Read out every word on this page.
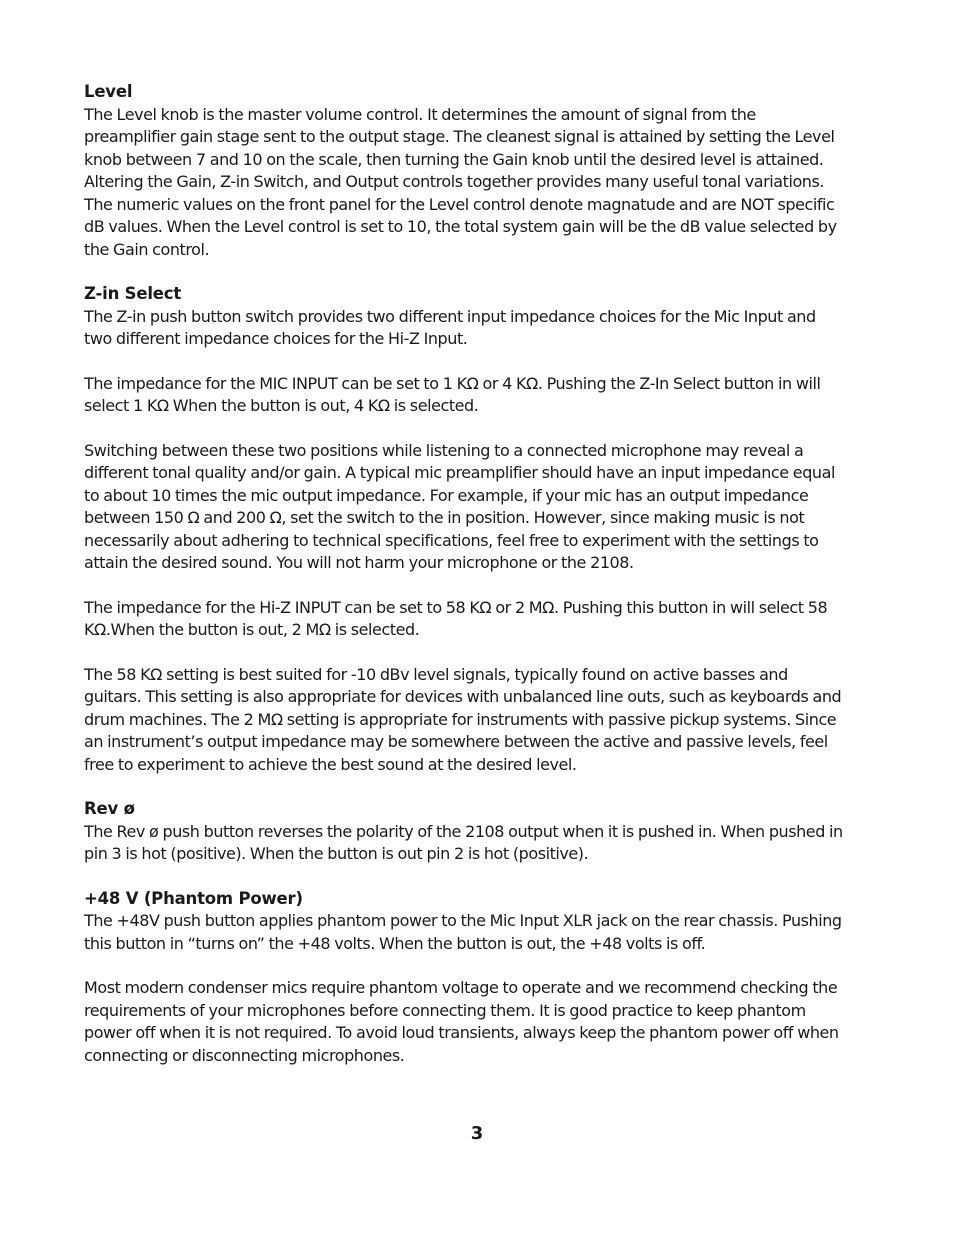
Level

The Level knob is the master volume control. It determines the amount of signal from the preamplifier gain stage sent to the output stage. The cleanest signal is attained by setting the Level knob between 7 and 10 on the scale, then turning the Gain knob until the desired level is attained. Altering the Gain, Z-in Switch, and Output controls together provides many useful tonal variations. The numeric values on the front panel for the Level control denote magnatude and are NOT specific dB values. When the Level control is set to 10, the total system gain will be the dB value selected by the Gain control.

Z-in Select

The Z-in push button switch provides two different input impedance choices for the Mic Input and two different impedance choices for the Hi-Z Input.

The impedance for the MIC INPUT can be set to 1 KΩ or 4 KΩ. Pushing the Z-In Select button in will select 1 KΩ When the button is out, 4 KΩ is selected.

Switching between these two positions while listening to a connected microphone may reveal a different tonal quality and/or gain. A typical mic preamplifier should have an input impedance equal to about 10 times the mic output impedance. For example, if your mic has an output impedance between 150 Ω and 200 Ω, set the switch to the in position. However, since making music is not necessarily about adhering to technical specifications, feel free to experiment with the settings to attain the desired sound. You will not harm your microphone or the 2108.

The impedance for the Hi-Z INPUT can be set to 58 KΩ or 2 MΩ. Pushing this button in will select 58 KΩ.When the button is out, 2 MΩ is selected.

The 58 KΩ setting is best suited for -10 dBv level signals, typically found on active basses and guitars. This setting is also appropriate for devices with unbalanced line outs, such as keyboards and drum machines. The 2 MΩ setting is appropriate for instruments with passive pickup systems. Since an instrument’s output impedance may be somewhere between the active and passive levels, feel free to experiment to achieve the best sound at the desired level.

Rev ø

The Rev ø push button reverses the polarity of the 2108 output when it is pushed in. When pushed in pin 3 is hot (positive). When the button is out pin 2 is hot (positive).

+48 V (Phantom Power)

The +48V push button applies phantom power to the Mic Input XLR jack on the rear chassis. Pushing this button in “turns on” the +48 volts. When the button is out, the +48 volts is off.

Most modern condenser mics require phantom voltage to operate and we recommend checking the requirements of your microphones before connecting them. It is good practice to keep phantom power off when it is not required. To avoid loud transients, always keep the phantom power off when connecting or disconnecting microphones.

3
